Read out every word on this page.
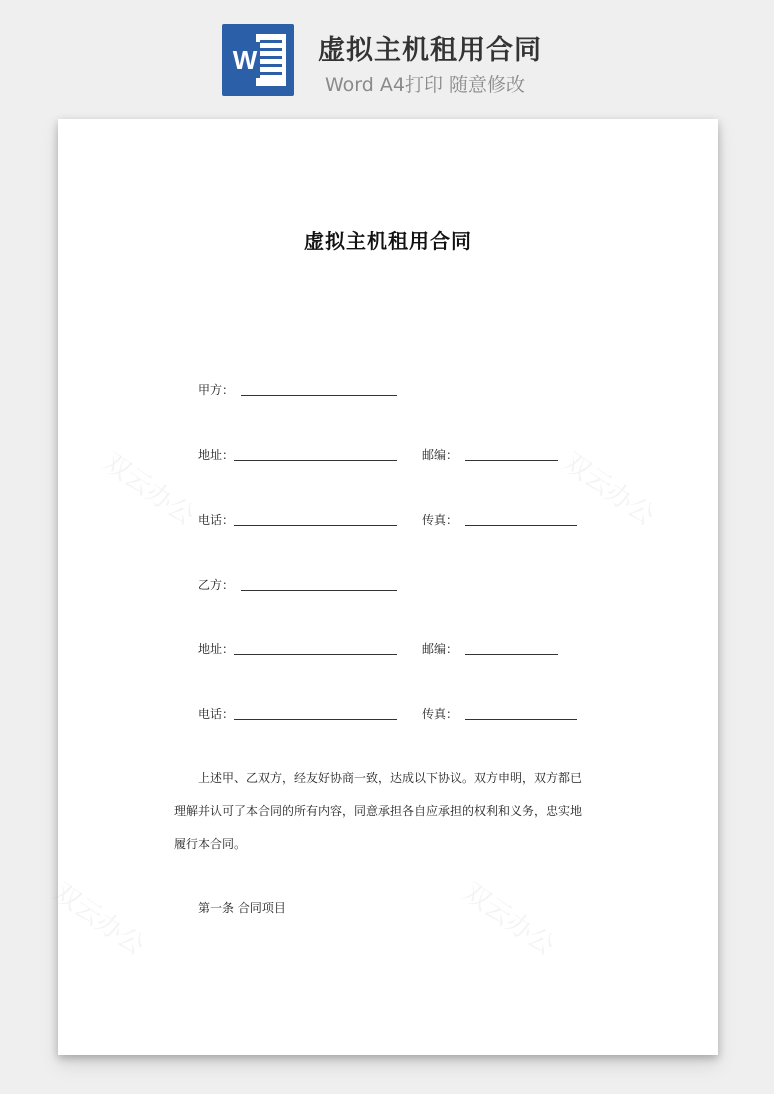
W 虚拟主机租用合同
Word A4打印 随意修改
双云办公	双云办公
双云办公	双云办公
虚拟主机租用合同
甲方：
地址：	邮编：
电话：	传真：
乙方：
地址：	邮编：
电话：	传真：
上述甲、乙双方，经友好协商一致，达成以下协议。双方申明，双方都已
理解并认可了本合同的所有内容，同意承担各自应承担的权利和义务，忠实地
履行本合同。
第一条 合同项目
